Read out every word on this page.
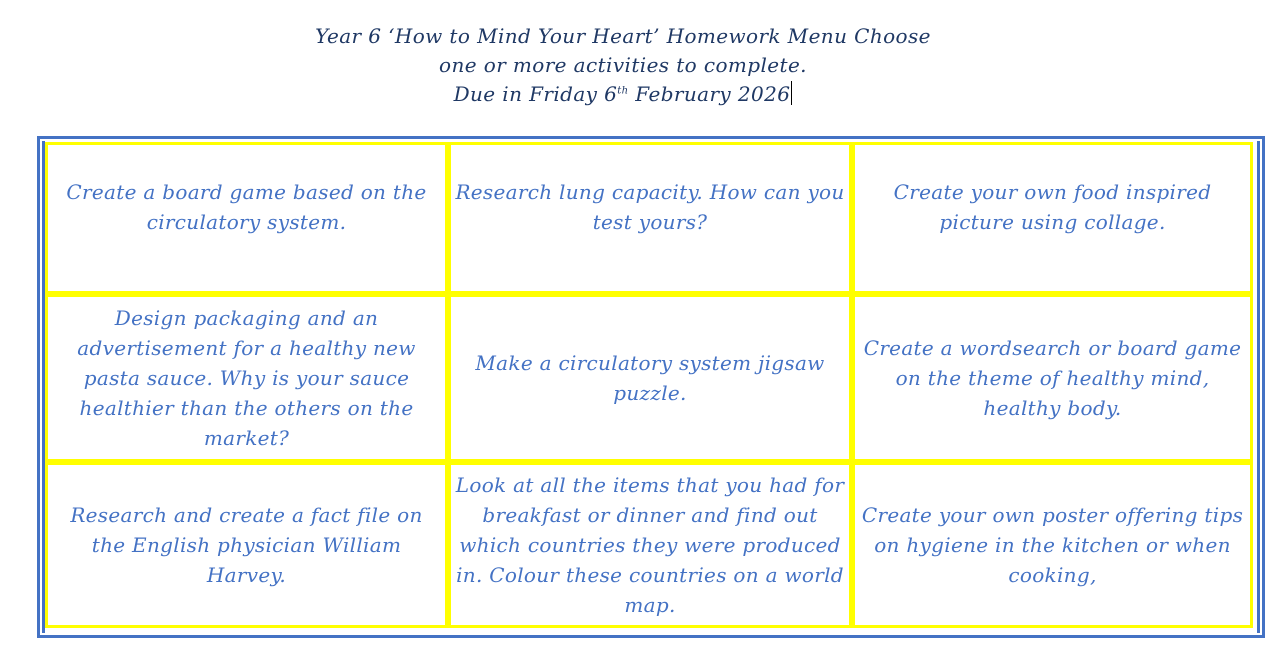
Year 6 ‘How to Mind Your Heart’ Homework Menu Choose
one or more activities to complete.
Due in Friday 6th February 2026
Create a board game based on the circulatory system.
Research lung capacity. How can you test yours?
Create your own food inspired picture using collage.
Design packaging and an advertisement for a healthy new pasta sauce. Why is your sauce healthier than the others on the market?
Make a circulatory system jigsaw puzzle.
Create a wordsearch or board game on the theme of healthy mind, healthy body.
Research and create a fact file on the English physician William Harvey.
Look at all the items that you had for breakfast or dinner and find out which countries they were produced in. Colour these countries on a world map.
Create your own poster offering tips on hygiene in the kitchen or when cooking,
